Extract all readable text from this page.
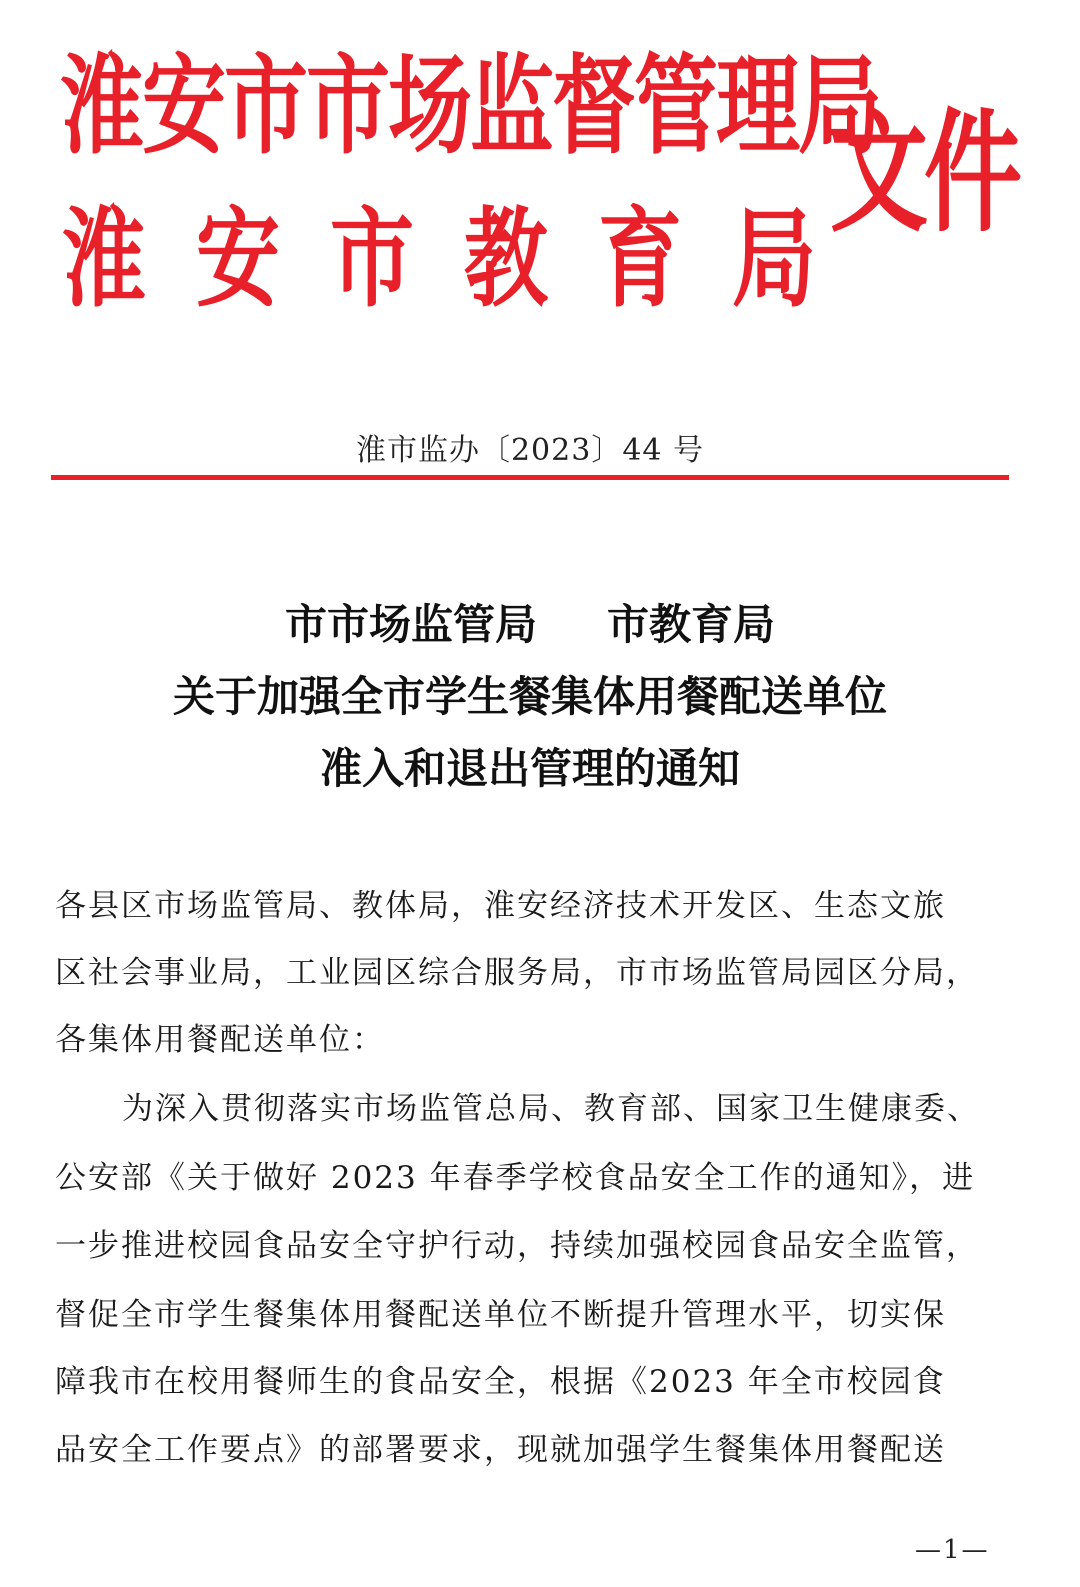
淮安市市场监督管理局
淮安市教育局
文件
淮市监办〔2023〕44 号
市市场监管局 市教育局
关于加强全市学生餐集体用餐配送单位
准入和退出管理的通知
各县区市场监管局、教体局，淮安经济技术开发区、生态文旅
区社会事业局，工业园区综合服务局，市市场监管局园区分局，
各集体用餐配送单位：
为深入贯彻落实市场监管总局、教育部、国家卫生健康委、
公安部《关于做好 2023 年春季学校食品安全工作的通知》，进
一步推进校园食品安全守护行动，持续加强校园食品安全监管，
督促全市学生餐集体用餐配送单位不断提升管理水平，切实保
障我市在校用餐师生的食品安全，根据《2023 年全市校园食
品安全工作要点》的部署要求，现就加强学生餐集体用餐配送
—1—
